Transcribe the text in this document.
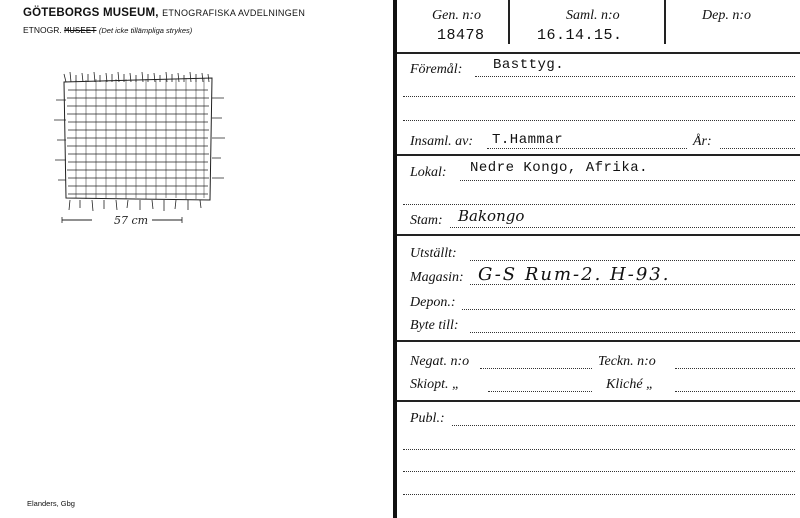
GÖTEBORGS MUSEUM, ETNOGRAFISKA AVDELNINGEN
ETNOGR. MUSEET (Det icke tillämpliga strykes)
57 cm
Elanders, Gbg
Gen. n:o
18478
Saml. n:o
16.14.15.
Dep. n:o
Föremål: Basttyg.
Insaml. av: T.Hammar	År:
Lokal: Nedre Kongo, Afrika.
Stam: Bakongo
Utställt:
Magasin: G-S Rum-2. H-93.
Depon.:
Byte till:
Negat. n:o	Teckn. n:o
Skiopt. „	Kliché „
Publ.:
